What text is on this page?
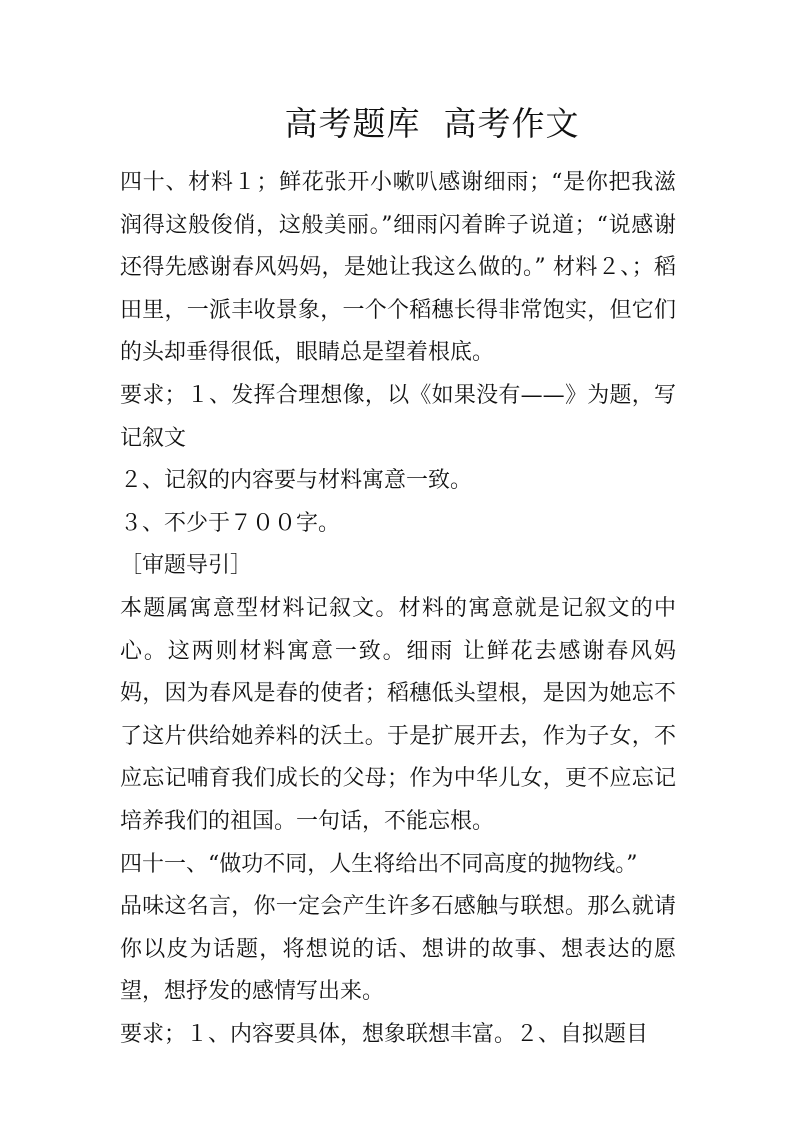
高考题库  高考作文

四十、材料１；鲜花张开小嗽叭感谢细雨；“是你把我滋润得这般俊俏，这般美丽。”细雨闪着眸子说道；“说感谢还得先感谢春风妈妈，是她让我这么做的。” 材料２、；稻田里，一派丰收景象，一个个稻穗长得非常饱实，但它们的头却垂得很低，眼睛总是望着根底。

要求；１、发挥合理想像，以《如果没有——》为题，写记叙文

２、记叙的内容要与材料寓意一致。

３、不少于７００字。

［审题导引］

本题属寓意型材料记叙文。材料的寓意就是记叙文的中心。这两则材料寓意一致。细雨 让鲜花去感谢春风妈妈，因为春风是春的使者；稻穗低头望根，是因为她忘不了这片供给她养料的沃土。于是扩展开去，作为子女，不应忘记哺育我们成长的父母；作为中华儿女，更不应忘记培养我们的祖国。一句话，不能忘根。

四十一、“做功不同，人生将给出不同高度的抛物线。”

品味这名言，你一定会产生许多石感触与联想。那么就请你以皮为话题，将想说的话、想讲的故事、想表达的愿望，想抒发的感情写出来。

要求；１、内容要具体，想象联想丰富。２、自拟题目
